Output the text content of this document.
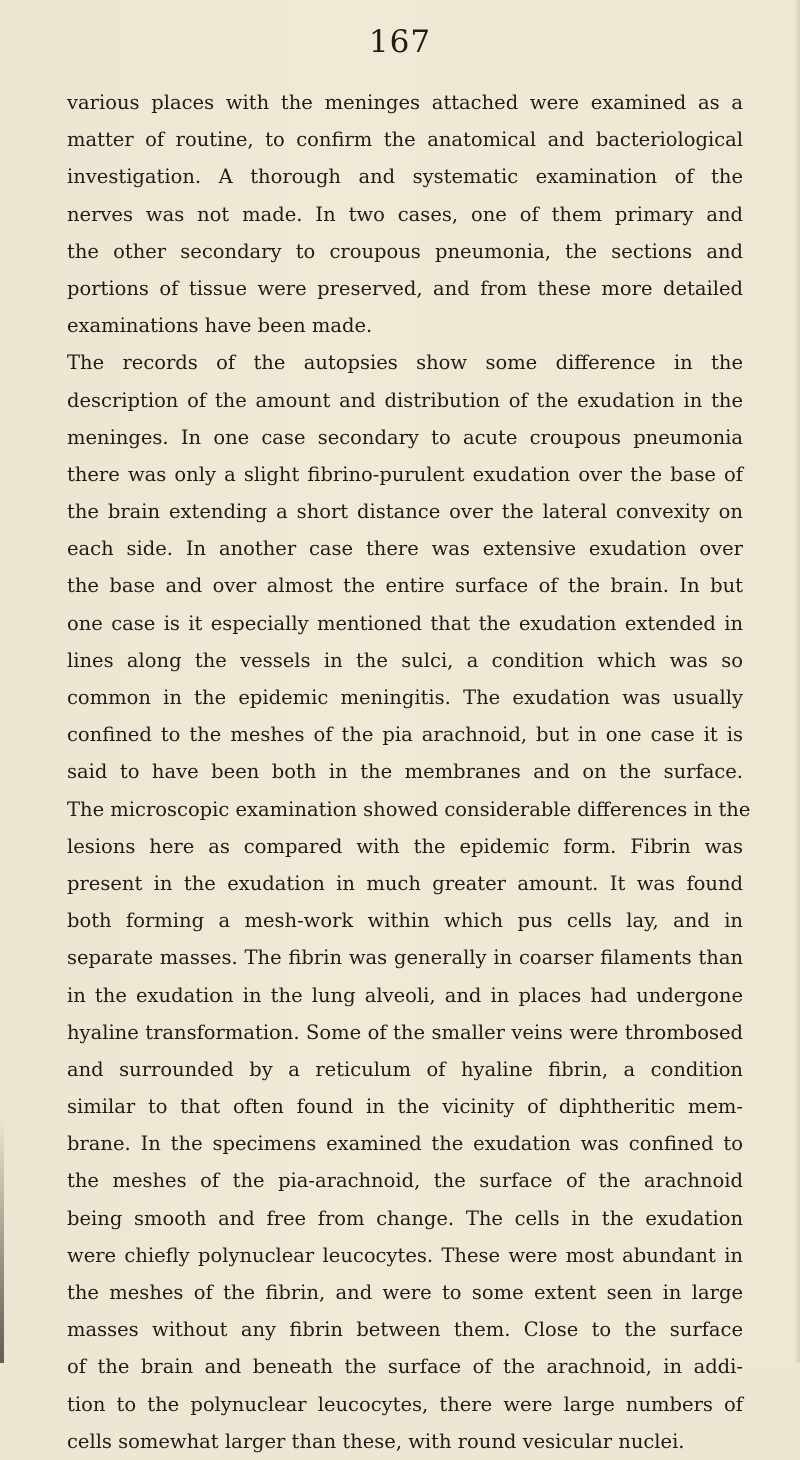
167
various places with the meninges attached were examined as a
matter of routine, to confirm the anatomical and bacteriological
investigation. A thorough and systematic examination of the
nerves was not made. In two cases, one of them primary and
the other secondary to croupous pneumonia, the sections and
portions of tissue were preserved, and from these more detailed
examinations have been made.
The records of the autopsies show some difference in the
description of the amount and distribution of the exudation in the
meninges. In one case secondary to acute croupous pneumonia
there was only a slight fibrino-purulent exudation over the base of
the brain extending a short distance over the lateral convexity on
each side. In another case there was extensive exudation over
the base and over almost the entire surface of the brain. In but
one case is it especially mentioned that the exudation extended in
lines along the vessels in the sulci, a condition which was so
common in the epidemic meningitis. The exudation was usually
confined to the meshes of the pia arachnoid, but in one case it is
said to have been both in the membranes and on the surface.
The microscopic examination showed considerable differences in the
lesions here as compared with the epidemic form. Fibrin was
present in the exudation in much greater amount. It was found
both forming a mesh-work within which pus cells lay, and in
separate masses. The fibrin was generally in coarser filaments than
in the exudation in the lung alveoli, and in places had undergone
hyaline transformation. Some of the smaller veins were thrombosed
and surrounded by a reticulum of hyaline fibrin, a condition
similar to that often found in the vicinity of diphtheritic mem-
brane. In the specimens examined the exudation was confined to
the meshes of the pia-arachnoid, the surface of the arachnoid
being smooth and free from change. The cells in the exudation
were chiefly polynuclear leucocytes. These were most abundant in
the meshes of the fibrin, and were to some extent seen in large
masses without any fibrin between them. Close to the surface
of the brain and beneath the surface of the arachnoid, in addi-
tion to the polynuclear leucocytes, there were large numbers of
cells somewhat larger than these, with round vesicular nuclei.
